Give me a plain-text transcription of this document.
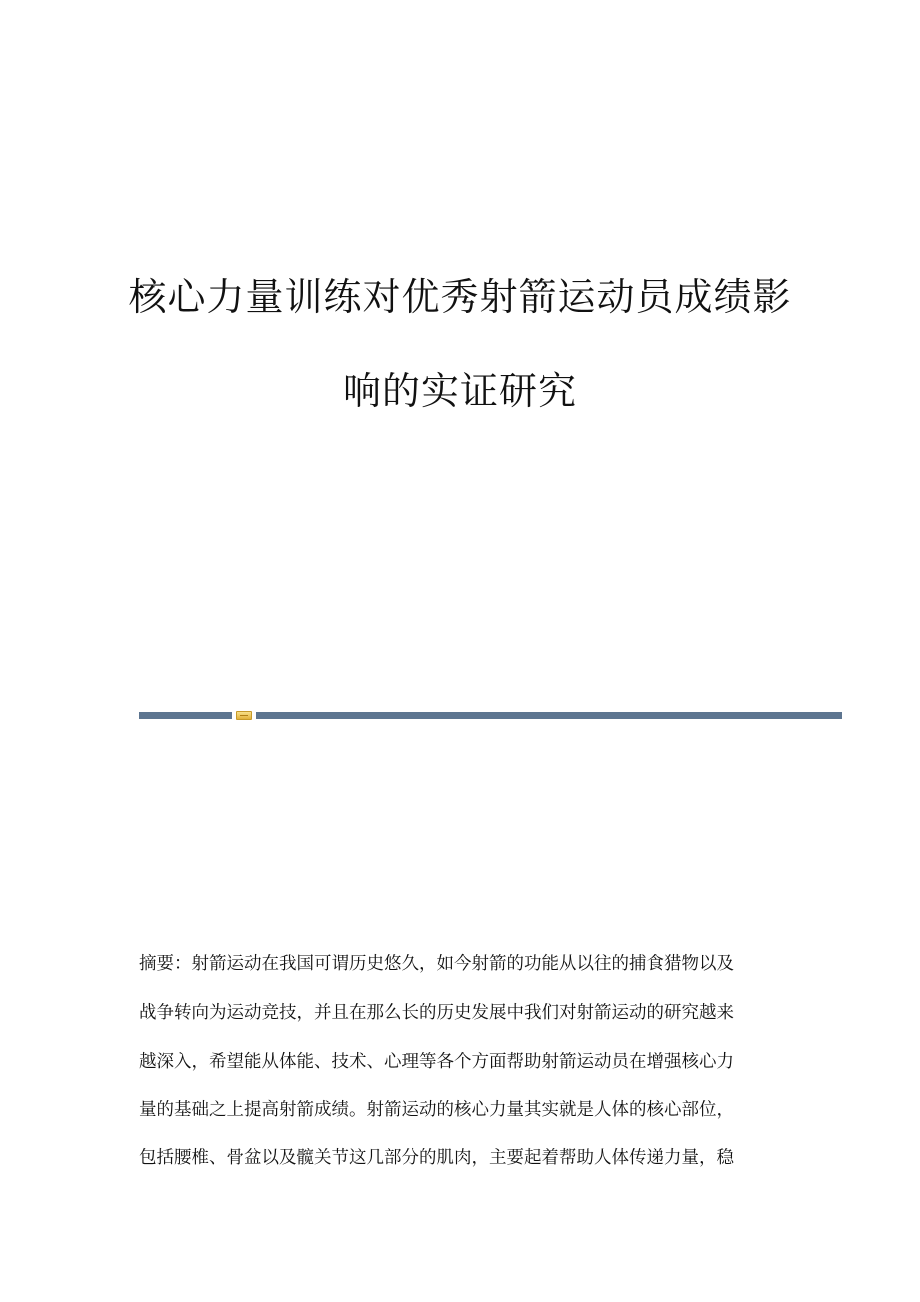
核心力量训练对优秀射箭运动员成绩影
响的实证研究

摘要：射箭运动在我国可谓历史悠久，如今射箭的功能从以往的捕食猎物以及

战争转向为运动竞技，并且在那么长的历史发展中我们对射箭运动的研究越来

越深入，希望能从体能、技术、心理等各个方面帮助射箭运动员在增强核心力

量的基础之上提高射箭成绩。射箭运动的核心力量其实就是人体的核心部位，

包括腰椎、骨盆以及髋关节这几部分的肌肉，主要起着帮助人体传递力量，稳
